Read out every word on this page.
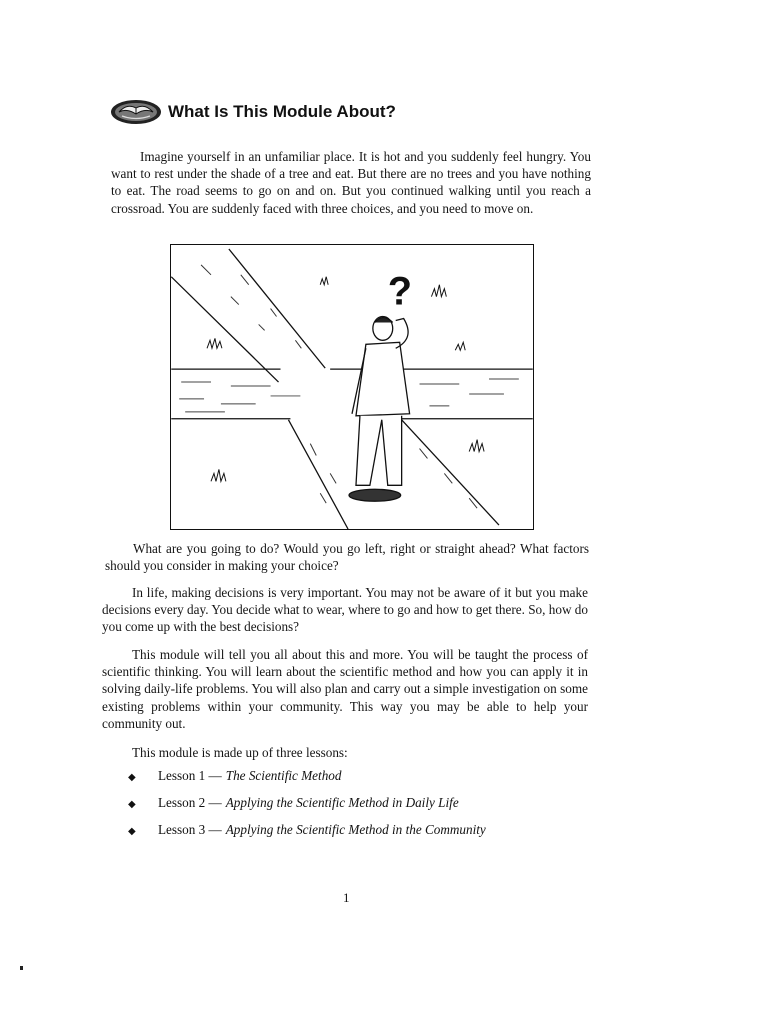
What Is This Module About?

Imagine yourself in an unfamiliar place. It is hot and you suddenly feel hungry. You want to rest under the shade of a tree and eat. But there are no trees and you have nothing to eat. The road seems to go on and on. But you continued walking until you reach a crossroad. You are suddenly faced with three choices, and you need to move on.

?

What are you going to do? Would you go left, right or straight ahead? What factors should you consider in making your choice?

In life, making decisions is very important. You may not be aware of it but you make decisions every day. You decide what to wear, where to go and how to get there. So, how do you come up with the best decisions?

This module will tell you all about this and more. You will be taught the process of scientific thinking. You will learn about the scientific method and how you can apply it in solving daily-life problems. You will also plan and carry out a simple investigation on some existing problems within your community. This way you may be able to help your community out.

This module is made up of three lessons:

◆	Lesson 1 — The Scientific Method
◆	Lesson 2 — Applying the Scientific Method in Daily Life
◆	Lesson 3 — Applying the Scientific Method in the Community
1
